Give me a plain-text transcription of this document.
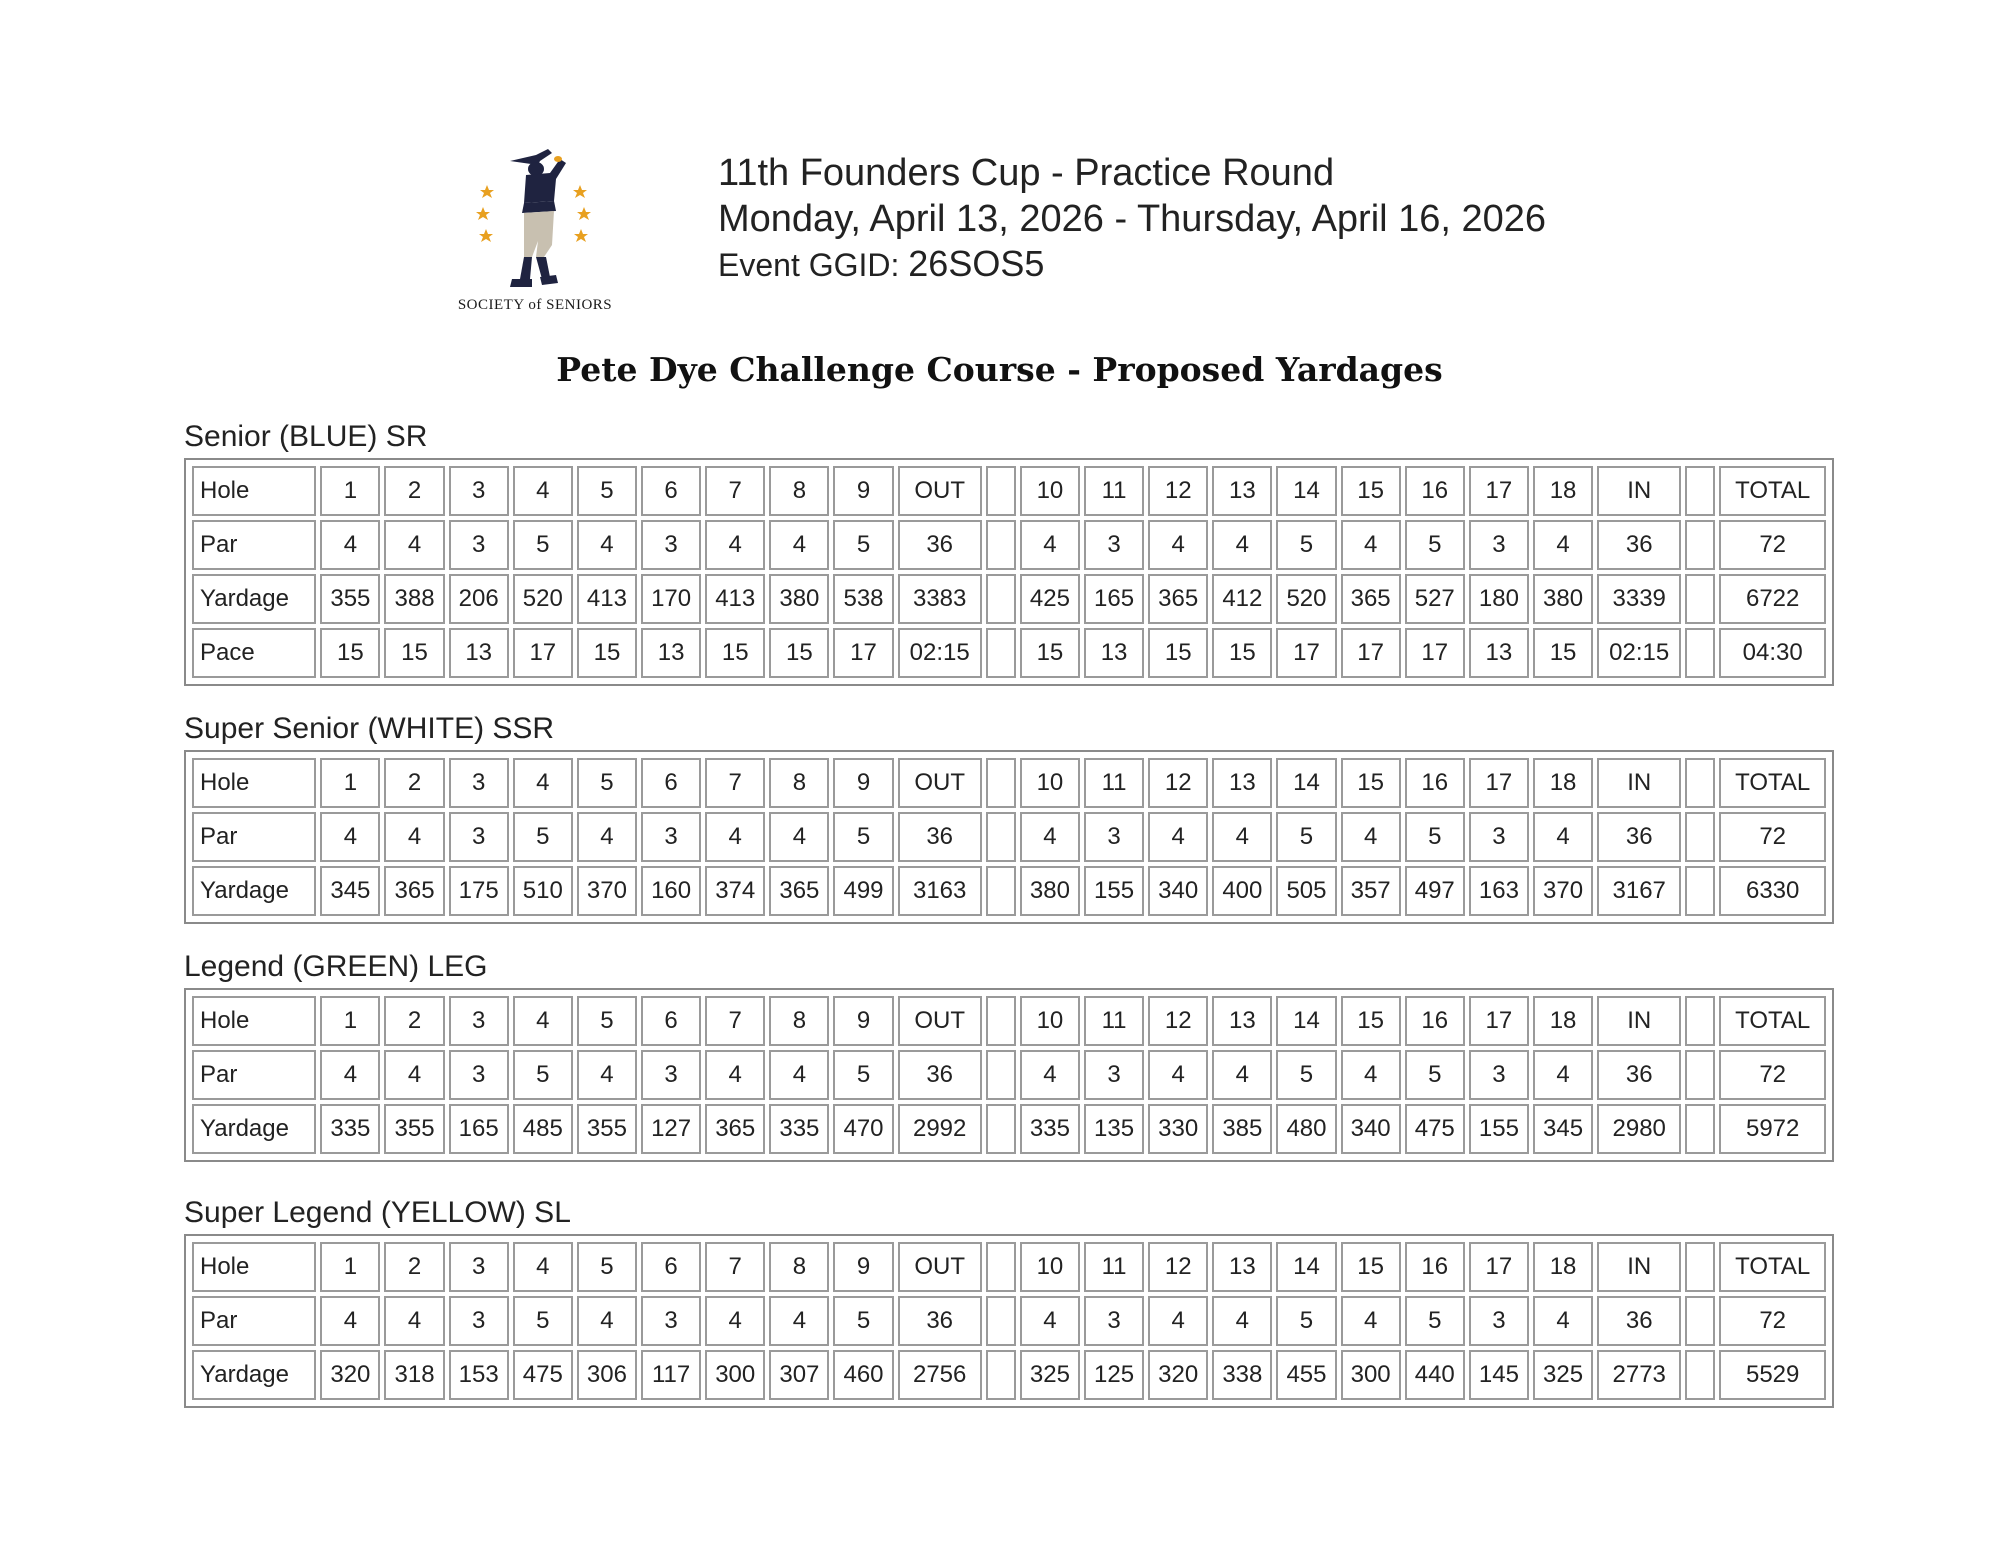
SOCIETY of SENIORS
11th Founders Cup - Practice Round
Monday, April 13, 2026 - Thursday, April 16, 2026
Event GGID: 26SOS5
Pete Dye Challenge Course - Proposed Yardages
Senior (BLUE) SR
Hole	1	2	3	4	5	6	7	8	9	OUT		10	11	12	13	14	15	16	17	18	IN		TOTAL
Par	4	4	3	5	4	3	4	4	5	36		4	3	4	4	5	4	5	3	4	36		72
Yardage	355	388	206	520	413	170	413	380	538	3383		425	165	365	412	520	365	527	180	380	3339		6722
Pace	15	15	13	17	15	13	15	15	17	02:15		15	13	15	15	17	17	17	13	15	02:15		04:30
Super Senior (WHITE) SSR
Hole	1	2	3	4	5	6	7	8	9	OUT		10	11	12	13	14	15	16	17	18	IN		TOTAL
Par	4	4	3	5	4	3	4	4	5	36		4	3	4	4	5	4	5	3	4	36		72
Yardage	345	365	175	510	370	160	374	365	499	3163		380	155	340	400	505	357	497	163	370	3167		6330
Legend (GREEN) LEG
Hole	1	2	3	4	5	6	7	8	9	OUT		10	11	12	13	14	15	16	17	18	IN		TOTAL
Par	4	4	3	5	4	3	4	4	5	36		4	3	4	4	5	4	5	3	4	36		72
Yardage	335	355	165	485	355	127	365	335	470	2992		335	135	330	385	480	340	475	155	345	2980		5972
Super Legend (YELLOW) SL
Hole	1	2	3	4	5	6	7	8	9	OUT		10	11	12	13	14	15	16	17	18	IN		TOTAL
Par	4	4	3	5	4	3	4	4	5	36		4	3	4	4	5	4	5	3	4	36		72
Yardage	320	318	153	475	306	117	300	307	460	2756		325	125	320	338	455	300	440	145	325	2773		5529
